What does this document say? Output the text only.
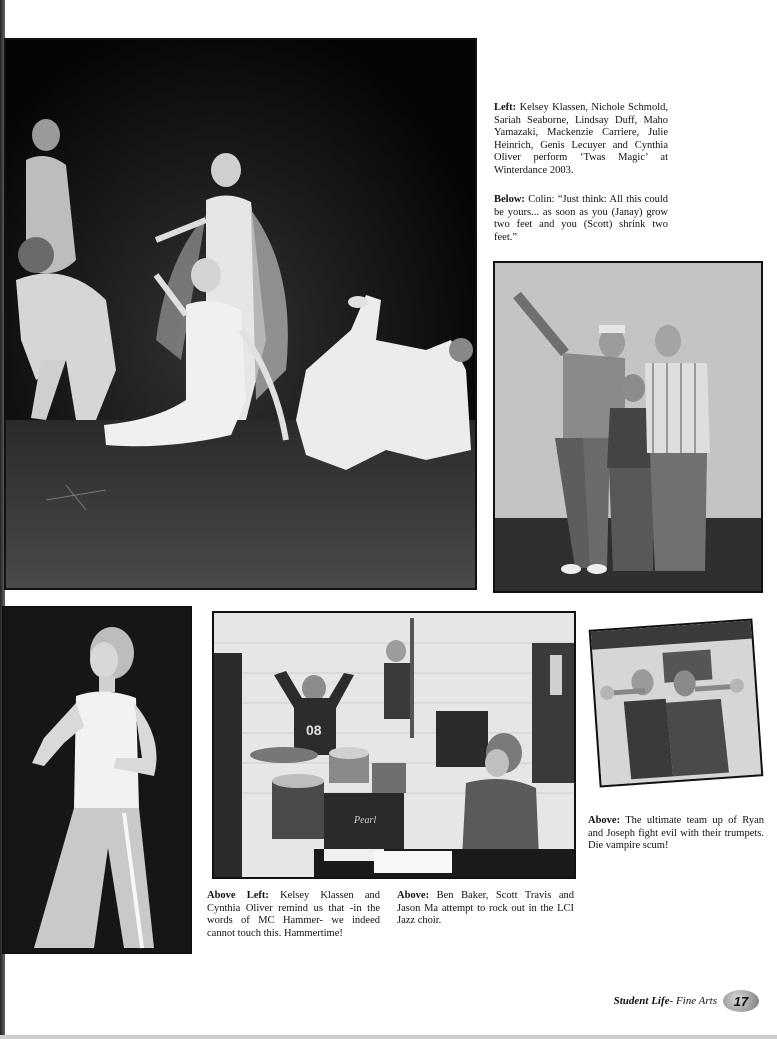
Left: Kelsey Klassen, Nichole Schmold, Sariah Seaborne, Lindsay Duff, Maho Yamazaki, Mackenzie Carriere, Julie Heinrich, Genis Lecuyer and Cynthia Oliver perform ‘Twas Magic’ at Winterdance 2003.

Below: Colin: “Just think: All this could be yours... as soon as you (Janay) grow two feet and you (Scott) shrink two feet.”

Above Left: Kelsey Klassen and Cynthia Oliver remind us that -in the words of MC Hammer- we indeed cannot touch this. Hammertime!

08
Pearl

Above: Ben Baker, Scott Travis and Jason Ma attempt to rock out in the LCI Jazz choir.

Above: The ultimate team up of Ryan and Joseph fight evil with their trumpets. Die vampire scum!

Student Life- Fine Arts	17
